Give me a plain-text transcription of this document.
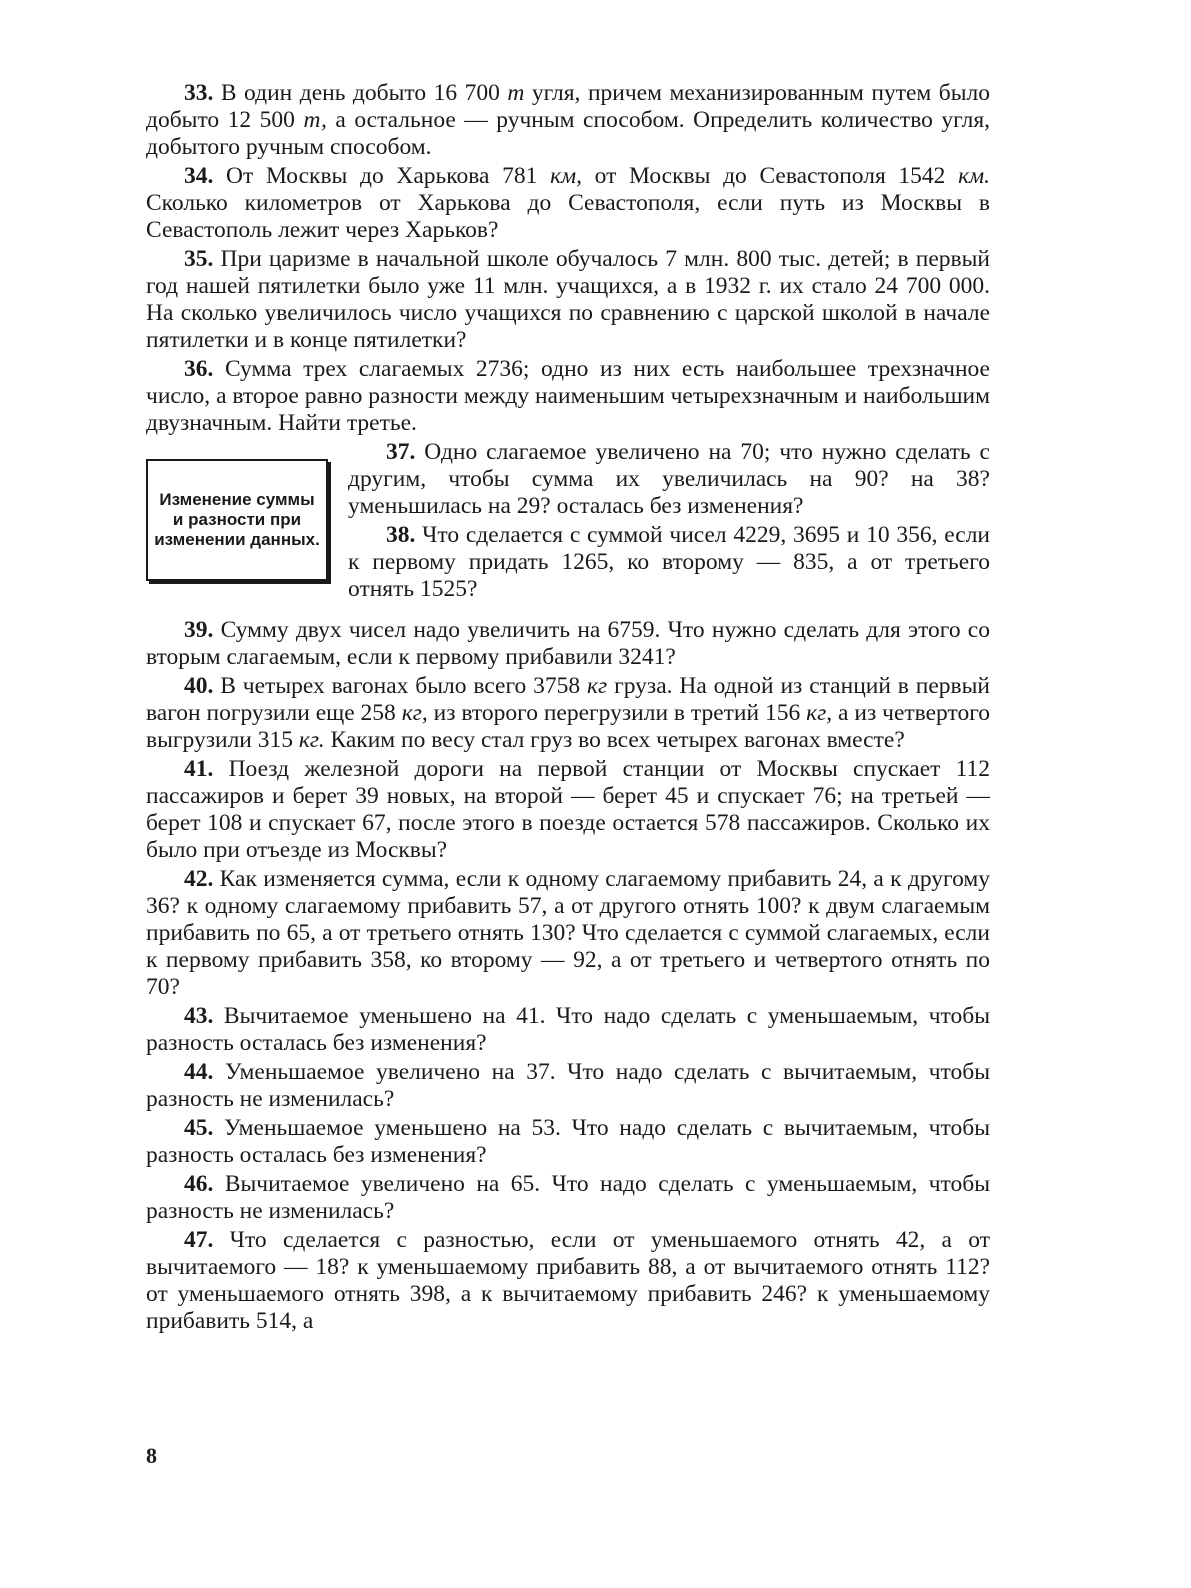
33. В один день добыто 16 700 т угля, причем механизированным путем было добыто 12 500 т, а остальное — ручным способом. Определить количество угля, добытого ручным способом.

34. От Москвы до Харькова 781 км, от Москвы до Севастополя 1542 км. Сколько километров от Харькова до Севастополя, если путь из Москвы в Севастополь лежит через Харьков?

35. При царизме в начальной школе обучалось 7 млн. 800 тыс. детей; в первый год нашей пятилетки было уже 11 млн. учащихся, а в 1932 г. их стало 24 700 000. На сколько увеличилось число учащихся по сравнению с царской школой в начале пятилетки и в конце пятилетки?

36. Сумма трех слагаемых 2736; одно из них есть наибольшее трехзначное число, а второе равно разности между наименьшим четырехзначным и наибольшим двузначным. Найти третье.

Изменение суммы и разности при изменении данных.

37. Одно слагаемое увеличено на 70; что нужно сделать с другим, чтобы сумма их увеличилась на 90? на 38? уменьшилась на 29? осталась без изменения?

38. Что сделается с суммой чисел 4229, 3695 и 10 356, если к первому придать 1265, ко второму — 835, а от третьего отнять 1525?

39. Сумму двух чисел надо увеличить на 6759. Что нужно сделать для этого со вторым слагаемым, если к первому прибавили 3241?

40. В четырех вагонах было всего 3758 кг груза. На одной из станций в первый вагон погрузили еще 258 кг, из второго перегрузили в третий 156 кг, а из четвертого выгрузили 315 кг. Каким по весу стал груз во всех четырех вагонах вместе?

41. Поезд железной дороги на первой станции от Москвы спускает 112 пассажиров и берет 39 новых, на второй — берет 45 и спускает 76; на третьей — берет 108 и спускает 67, после этого в поезде остается 578 пассажиров. Сколько их было при отъезде из Москвы?

42. Как изменяется сумма, если к одному слагаемому прибавить 24, а к другому 36? к одному слагаемому прибавить 57, а от другого отнять 100? к двум слагаемым прибавить по 65, а от третьего отнять 130? Что сделается с суммой слагаемых, если к первому прибавить 358, ко второму — 92, а от третьего и четвертого отнять по 70?

43. Вычитаемое уменьшено на 41. Что надо сделать с уменьшаемым, чтобы разность осталась без изменения?

44. Уменьшаемое увеличено на 37. Что надо сделать с вычитаемым, чтобы разность не изменилась?

45. Уменьшаемое уменьшено на 53. Что надо сделать с вычитаемым, чтобы разность осталась без изменения?

46. Вычитаемое увеличено на 65. Что надо сделать с уменьшаемым, чтобы разность не изменилась?

47. Что сделается с разностью, если от уменьшаемого отнять 42, а от вычитаемого — 18? к уменьшаемому прибавить 88, а от вычитаемого отнять 112? от уменьшаемого отнять 398, а к вычитаемому прибавить 246? к уменьшаемому прибавить 514, а

8
